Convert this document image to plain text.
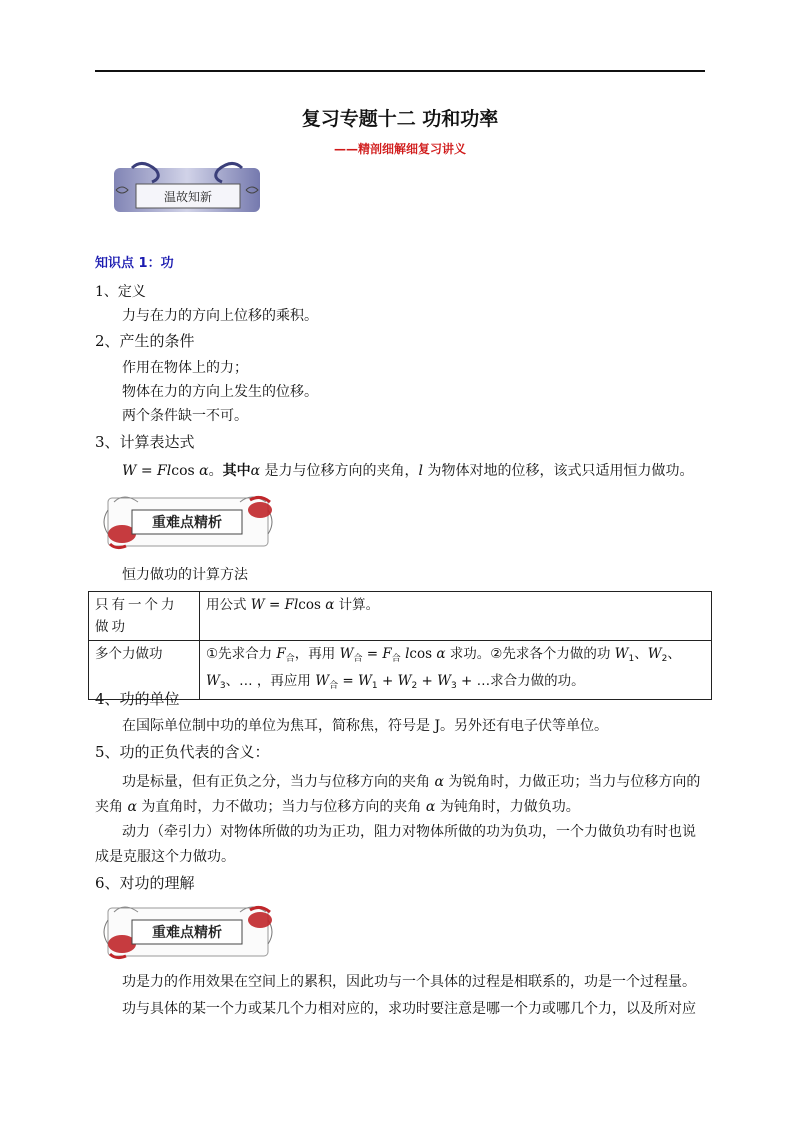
复习专题十二 功和功率
——精剖细解细复习讲义
温故知新
知识点 1：功
1、定义
力与在力的方向上位移的乘积。
2、产生的条件
作用在物体上的力；
物体在力的方向上发生的位移。
两个条件缺一不可。
3、计算表达式
W = Flcos α。其中α 是力与位移方向的夹角，l 为物体对地的位移，该式只适用恒力做功。
重难点精析
恒力做功的计算方法
只有一个力做功	用公式 W = Flcos α 计算。
多个力做功	①先求合力 $F_合$，再用 $W_合 = F_合$ lcos α 求功。②先求各个力做的功 $W_1$、$W_2$、
$W_3$、… ，再应用 $W_合 = W_1 + W_2 + W_3$ + …求合力做的功。
4、功的单位
在国际单位制中功的单位为焦耳，简称焦，符号是 J。另外还有电子伏等单位。
5、功的正负代表的含义：
功是标量，但有正负之分，当力与位移方向的夹角 α 为锐角时，力做正功；当力与位移方向的
夹角 α 为直角时，力不做功；当力与位移方向的夹角 α 为钝角时，力做负功。
动力（牵引力）对物体所做的功为正功，阻力对物体所做的功为负功，一个力做负功有时也说
成是克服这个力做功。
6、对功的理解
重难点精析
功是力的作用效果在空间上的累积，因此功与一个具体的过程是相联系的，功是一个过程量。
功与具体的某一个力或某几个力相对应的，求功时要注意是哪一个力或哪几个力，以及所对应
